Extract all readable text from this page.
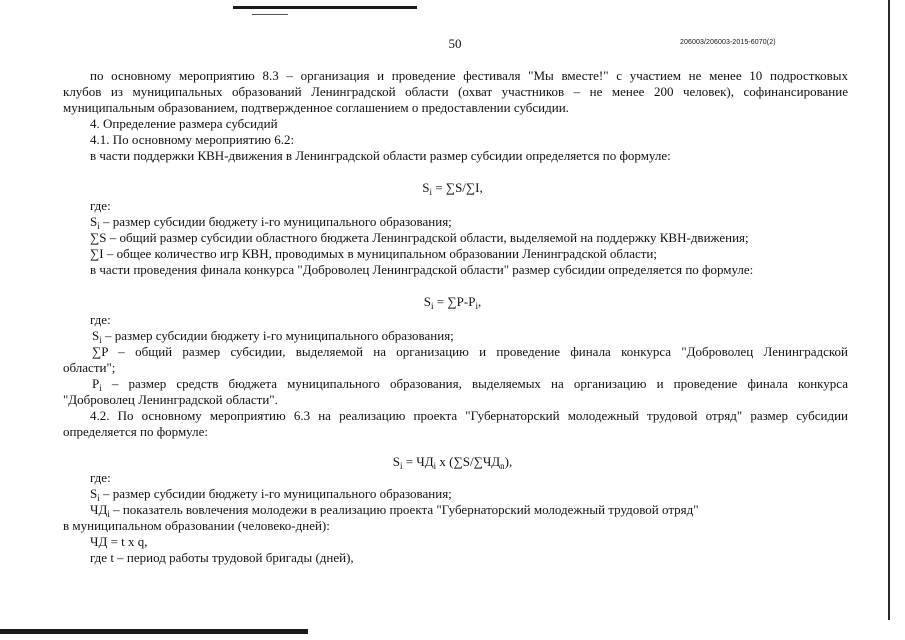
50	206003/206003-2015-6070(2)
по основному мероприятию 8.3 – организация и проведение фестиваля "Мы вместе!" с участием не менее 10 подростковых
клубов из муниципальных образований Ленинградской области (охват участников – не менее 200 человек), софинансирование
муниципальным образованием, подтвержденное соглашением о предоставлении субсидии.
4. Определение размера субсидий
4.1. По основному мероприятию 6.2:
в части поддержки КВН-движения в Ленинградской области размер субсидии определяется по формуле:
$S_i = \sum S/\sum I$,
где:
$S_i$ – размер субсидии бюджету i-го муниципального образования;
∑S – общий размер субсидии областного бюджета Ленинградской области, выделяемой на поддержку КВН-движения;
∑I – общее количество игр КВН, проводимых в муниципальном образовании Ленинградской области;
в части проведения финала конкурса "Доброволец Ленинградской области" размер субсидии определяется по формуле:
$S_i = \sum P-P_i$,
где:
$S_i$ – размер субсидии бюджету i-го муниципального образования;
∑P – общий размер субсидии, выделяемой на организацию и проведение финала конкурса "Доброволец Ленинградской
области";
$P_i$ – размер средств бюджета муниципального образования, выделяемых на организацию и проведение финала конкурса
"Доброволец Ленинградской области".
4.2. По основному мероприятию 6.3 на реализацию проекта "Губернаторский молодежный трудовой отряд" размер субсидии
определяется по формуле:
$S_i = ЧД_i$ x $(\sum S/\sum ЧД_n)$,
где:
$S_i$ – размер субсидии бюджету i-го муниципального образования;
$ЧД_i$ – показатель вовлечения молодежи в реализацию проекта "Губернаторский молодежный трудовой отряд"
в муниципальном образовании (человеко-дней):
ЧД = t x q,
где t – период работы трудовой бригады (дней),
